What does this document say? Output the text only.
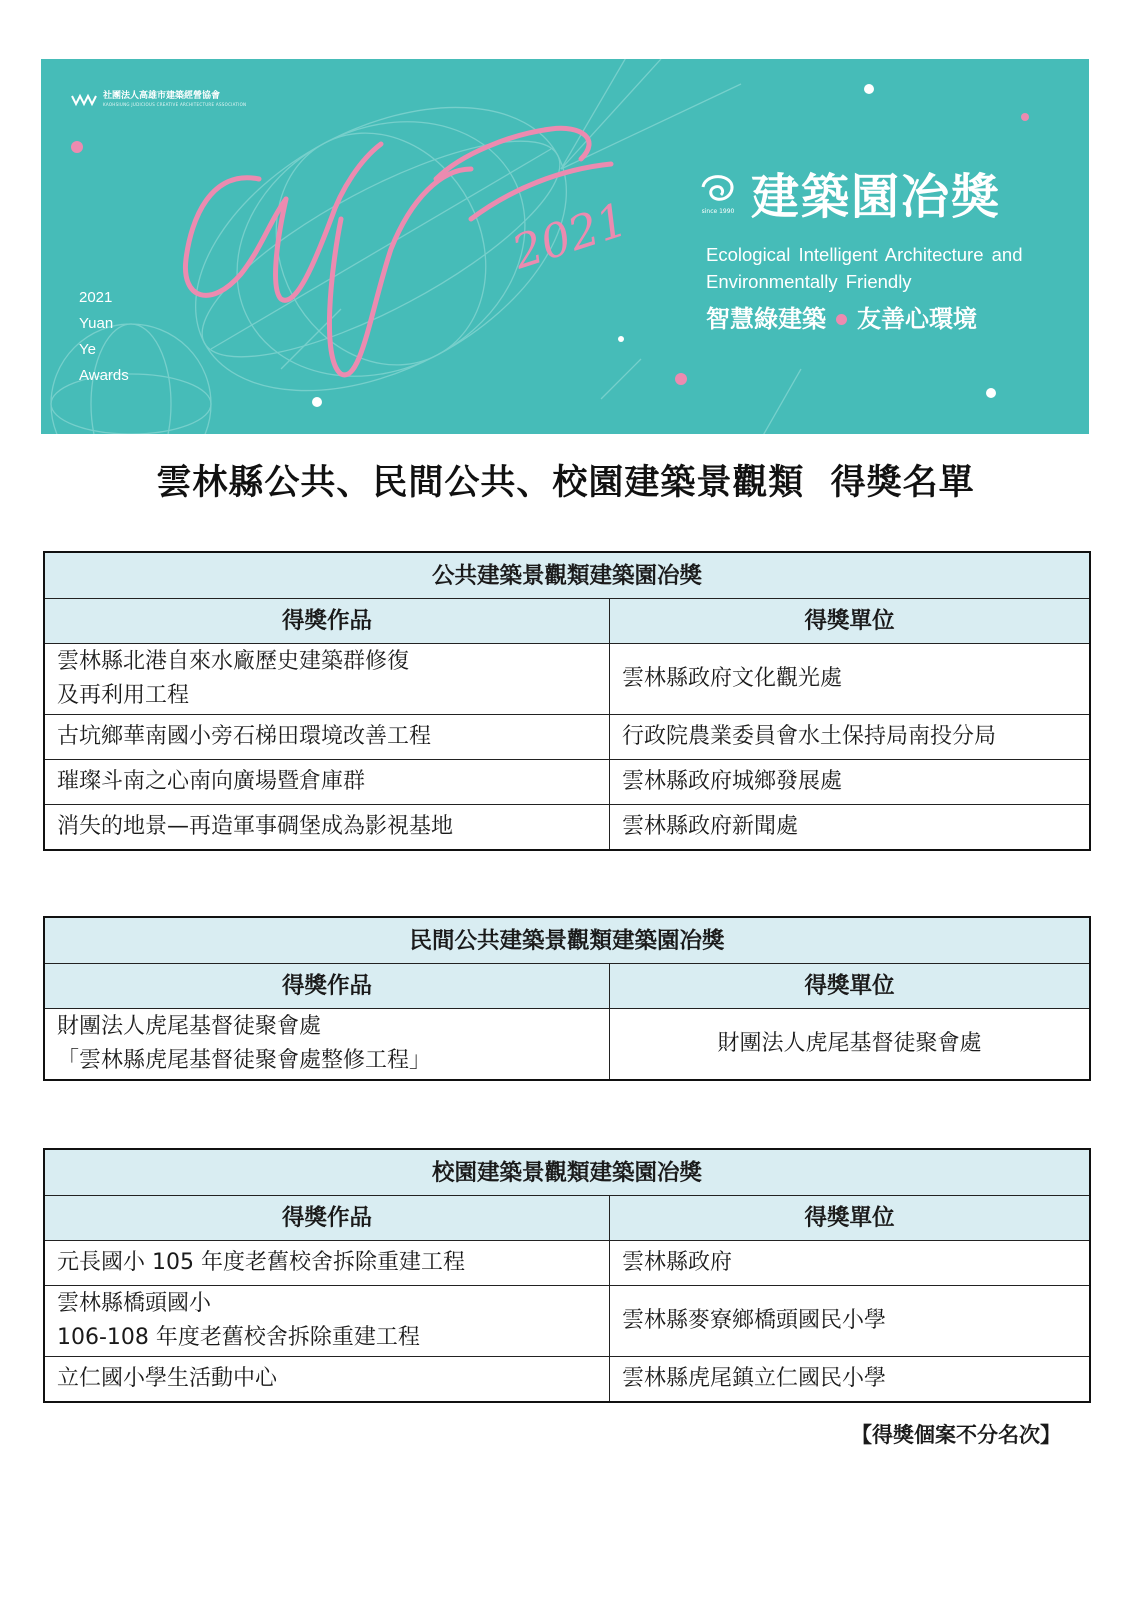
2021
社團法人高雄市建築經營協會
KAOHSIUNG JUDICIOUS CREATIVE ARCHITECTURE ASSOCIATION
2021
Yuan
Ye
Awards
since 1990 建築園冶獎
Ecological Intelligent Architecture and
Environmentally Friendly
智慧綠建築 友善心環境
雲林縣公共、民間公共、校園建築景觀類  得獎名單
公共建築景觀類建築園冶獎	
得獎作品	得獎單位

雲林縣北港自來水廠歷史建築群修復
及再利用工程	雲林縣政府文化觀光處
古坑鄉華南國小旁石梯田環境改善工程	行政院農業委員會水土保持局南投分局
璀璨斗南之心南向廣場暨倉庫群	雲林縣政府城鄉發展處
消失的地景—再造軍事碉堡成為影視基地	雲林縣政府新聞處
民間公共建築景觀類建築園冶獎	
得獎作品	得獎單位

財團法人虎尾基督徒聚會處
「雲林縣虎尾基督徒聚會處整修工程」	財團法人虎尾基督徒聚會處
校園建築景觀類建築園冶獎	
得獎作品	得獎單位
元長國小 105 年度老舊校舍拆除重建工程	雲林縣政府

雲林縣橋頭國小
106-108 年度老舊校舍拆除重建工程	雲林縣麥寮鄉橋頭國民小學
立仁國小學生活動中心	雲林縣虎尾鎮立仁國民小學
【得獎個案不分名次】
